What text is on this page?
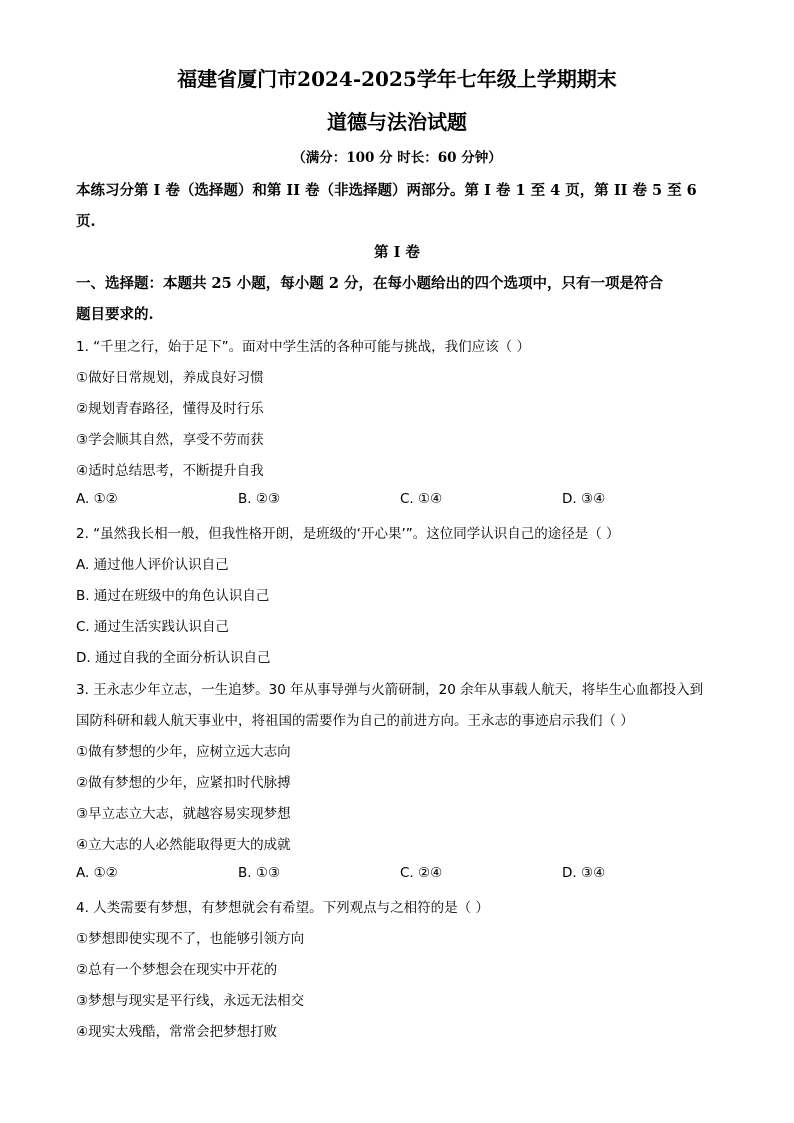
福建省厦门市2024-2025学年七年级上学期期末
道德与法治试题
（满分：100 分 时长：60 分钟）
本练习分第 I 卷（选择题）和第 II 卷（非选择题）两部分。第 I 卷 1 至 4 页，第 II 卷 5 至 6
页.
第 I 卷
一、选择题：本题共 25 小题，每小题 2 分，在每小题给出的四个选项中，只有一项是符合
题目要求的.
1. “千里之行，始于足下”。面对中学生活的各种可能与挑战，我们应该（ ）
①做好日常规划，养成良好习惯
②规划青春路径，懂得及时行乐
③学会顺其自然，享受不劳而获
④适时总结思考，不断提升自我
A. ①②	B. ②③	C. ①④	D. ③④
2. “虽然我长相一般，但我性格开朗，是班级的‘开心果’”。这位同学认识自己的途径是（ ）
A. 通过他人评价认识自己
B. 通过在班级中的角色认识自己
C. 通过生活实践认识自己
D. 通过自我的全面分析认识自己
3. 王永志少年立志，一生追梦。30 年从事导弹与火箭研制，20 余年从事载人航天，将毕生心血都投入到
国防科研和载人航天事业中，将祖国的需要作为自己的前进方向。王永志的事迹启示我们（ ）
①做有梦想的少年，应树立远大志向
②做有梦想的少年，应紧扣时代脉搏
③早立志立大志，就越容易实现梦想
④立大志的人必然能取得更大的成就
A. ①②	B. ①③	C. ②④	D. ③④
4. 人类需要有梦想，有梦想就会有希望。下列观点与之相符的是（ ）
①梦想即使实现不了，也能够引领方向
②总有一个梦想会在现实中开花的
③梦想与现实是平行线，永远无法相交
④现实太残酷，常常会把梦想打败
